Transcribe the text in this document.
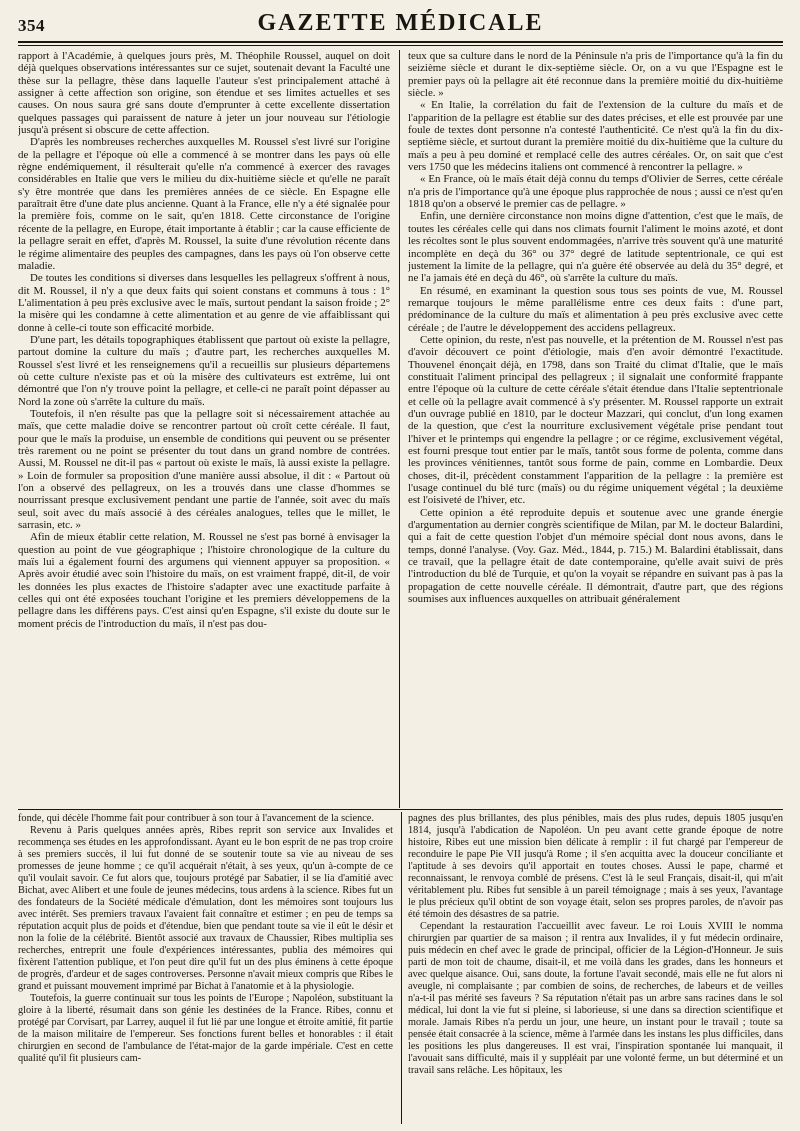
354	GAZETTE MÉDICALE

rapport à l'Académie, à quelques jours près, M. Théophile Roussel, auquel on doit déjà quelques observations intéressantes sur ce sujet, soutenait devant la Faculté une thèse sur la pellagre, thèse dans laquelle l'auteur s'est principalement attaché à assigner à cette affection son origine, son étendue et ses limites actuelles et ses causes. On nous saura gré sans doute d'emprunter à cette excellente dissertation quelques passages qui paraissent de nature à jeter un jour nouveau sur l'étiologie jusqu'à présent si obscure de cette affection.

D'après les nombreuses recherches auxquelles M. Roussel s'est livré sur l'origine de la pellagre et l'époque où elle a commencé à se montrer dans les pays où elle règne endémiquement, il résulterait qu'elle n'a commencé à exercer des ravages considérables en Italie que vers le milieu du dix-huitième siècle et qu'elle ne paraît s'y être montrée que dans les premières années de ce siècle. En Espagne elle paraîtrait être d'une date plus ancienne. Quant à la France, elle n'y a été signalée pour la première fois, comme on le sait, qu'en 1818. Cette circonstance de l'origine récente de la pellagre, en Europe, était importante à établir ; car la cause efficiente de la pellagre serait en effet, d'après M. Roussel, la suite d'une révolution récente dans le régime alimentaire des peuples des campagnes, dans les pays où l'on observe cette maladie.

De toutes les conditions si diverses dans lesquelles les pellagreux s'offrent à nous, dit M. Roussel, il n'y a que deux faits qui soient constans et communs à tous : 1° L'alimentation à peu près exclusive avec le maïs, surtout pendant la saison froide ; 2° la misère qui les condamne à cette alimentation et au genre de vie affaiblissant qui donne à celle-ci toute son efficacité morbide.

D'une part, les détails topographiques établissent que partout où existe la pellagre, partout domine la culture du maïs ; d'autre part, les recherches auxquelles M. Roussel s'est livré et les renseignemens qu'il a recueillis sur plusieurs départemens où cette culture n'existe pas et où la misère des cultivateurs est extrême, lui ont démontré que l'on n'y trouve point la pellagre, et celle-ci ne paraît point dépasser au Nord la zone où s'arrête la culture du maïs.

Toutefois, il n'en résulte pas que la pellagre soit si nécessairement attachée au maïs, que cette maladie doive se rencontrer partout où croît cette céréale. Il faut, pour que le maïs la produise, un ensemble de conditions qui peuvent ou se présenter très rarement ou ne point se présenter du tout dans un grand nombre de contrées. Aussi, M. Roussel ne dit-il pas « partout où existe le maïs, là aussi existe la pellagre. » Loin de formuler sa proposition d'une manière aussi absolue, il dit : « Partout où l'on a observé des pellagreux, on les a trouvés dans une classe d'hommes se nourrissant presque exclusivement pendant une partie de l'année, soit avec du maïs seul, soit avec du maïs associé à des céréales analogues, telles que le millet, le sarrasin, etc. »

Afin de mieux établir cette relation, M. Roussel ne s'est pas borné à envisager la question au point de vue géographique ; l'histoire chronologique de la culture du maïs lui a également fourni des argumens qui viennent appuyer sa proposition. « Après avoir étudié avec soin l'histoire du maïs, on est vraiment frappé, dit-il, de voir les données les plus exactes de l'histoire s'adapter avec une exactitude parfaite à celles qui ont été exposées touchant l'origine et les premiers développemens de la pellagre dans les différens pays. C'est ainsi qu'en Espagne, s'il existe du doute sur le moment précis de l'introduction du maïs, il n'est pas dou-

teux que sa culture dans le nord de la Péninsule n'a pris de l'importance qu'à la fin du seizième siècle et durant le dix-septième siècle. Or, on a vu que l'Espagne est le premier pays où la pellagre ait été reconnue dans la première moitié du dix-huitième siècle. »

« En Italie, la corrélation du fait de l'extension de la culture du maïs et de l'apparition de la pellagre est établie sur des dates précises, et elle est prouvée par une foule de textes dont personne n'a contesté l'authenticité. Ce n'est qu'à la fin du dix-septième siècle, et surtout durant la première moitié du dix-huitième que la culture du maïs a peu à peu dominé et remplacé celle des autres céréales. Or, on sait que c'est vers 1750 que les médecins italiens ont commencé à rencontrer la pellagre. »

« En France, où le maïs était déjà connu du temps d'Olivier de Serres, cette céréale n'a pris de l'importance qu'à une époque plus rapprochée de nous ; aussi ce n'est qu'en 1818 qu'on a observé le premier cas de pellagre. »

Enfin, une dernière circonstance non moins digne d'attention, c'est que le maïs, de toutes les céréales celle qui dans nos climats fournit l'aliment le moins azoté, et dont les récoltes sont le plus souvent endommagées, n'arrive très souvent qu'à une maturité incomplète en deçà du 36° ou 37° degré de latitude septentrionale, ce qui est justement la limite de la pellagre, qui n'a guère été observée au delà du 35° degré, et ne l'a jamais été en deçà du 46°, où s'arrête la culture du maïs.

En résumé, en examinant la question sous tous ses points de vue, M. Roussel remarque toujours le même parallélisme entre ces deux faits : d'une part, prédominance de la culture du maïs et alimentation à peu près exclusive avec cette céréale ; de l'autre le développement des accidens pellagreux.

Cette opinion, du reste, n'est pas nouvelle, et la prétention de M. Roussel n'est pas d'avoir découvert ce point d'étiologie, mais d'en avoir démontré l'exactitude. Thouvenel énonçait déjà, en 1798, dans son Traité du climat d'Italie, que le maïs constituait l'aliment principal des pellagreux ; il signalait une conformité frappante entre l'époque où la culture de cette céréale s'était étendue dans l'Italie septentrionale et celle où la pellagre avait commencé à s'y présenter. M. Roussel rapporte un extrait d'un ouvrage publié en 1810, par le docteur Mazzari, qui conclut, d'un long examen de la question, que c'est la nourriture exclusivement végétale prise pendant tout l'hiver et le printemps qui engendre la pellagre ; or ce régime, exclusivement végétal, est fourni presque tout entier par le maïs, tantôt sous forme de polenta, comme dans les provinces vénitiennes, tantôt sous forme de pain, comme en Lombardie. Deux choses, dit-il, précèdent constamment l'apparition de la pellagre : la première est l'usage continuel du blé turc (maïs) ou du régime uniquement végétal ; la deuxième est l'oisiveté de l'hiver, etc.

Cette opinion a été reproduite depuis et soutenue avec une grande énergie d'argumentation au dernier congrès scientifique de Milan, par M. le docteur Balardini, qui a fait de cette question l'objet d'un mémoire spécial dont nous avons, dans le temps, donné l'analyse. (Voy. Gaz. Méd., 1844, p. 715.) M. Balardini établissait, dans ce travail, que la pellagre était de date contemporaine, qu'elle avait suivi de près l'introduction du blé de Turquie, et qu'on la voyait se répandre en suivant pas à pas la propagation de cette nouvelle céréale. Il démontrait, d'autre part, que des régions soumises aux influences auxquelles on attribuait généralement

fonde, qui décèle l'homme fait pour contribuer à son tour à l'avancement de la science.

Revenu à Paris quelques années après, Ribes reprit son service aux Invalides et recommença ses études en les approfondissant. Ayant eu le bon esprit de ne pas trop croire à ses premiers succès, il lui fut donné de se soutenir toute sa vie au niveau de ses promesses de jeune homme ; ce qu'il acquérait n'était, à ses yeux, qu'un à-compte de ce qu'il voulait savoir. Ce fut alors que, toujours protégé par Sabatier, il se lia d'amitié avec Bichat, avec Alibert et une foule de jeunes médecins, tous ardens à la science. Ribes fut un des fondateurs de la Société médicale d'émulation, dont les mémoires sont toujours lus avec intérêt. Ses premiers travaux l'avaient fait connaître et estimer ; en peu de temps sa réputation acquit plus de poids et d'étendue, bien que pendant toute sa vie il eût le désir et non la folie de la célébrité. Bientôt associé aux travaux de Chaussier, Ribes multiplia ses recherches, entreprit une foule d'expériences intéressantes, publia des mémoires qui fixèrent l'attention publique, et l'on peut dire qu'il fut un des plus éminens à cette époque de progrès, d'ardeur et de sages controverses. Personne n'avait mieux compris que Ribes le grand et puissant mouvement imprimé par Bichat à l'anatomie et à la physiologie.

Toutefois, la guerre continuait sur tous les points de l'Europe ; Napoléon, substituant la gloire à la liberté, résumait dans son génie les destinées de la France. Ribes, connu et protégé par Corvisart, par Larrey, auquel il fut lié par une longue et étroite amitié, fit partie de la maison militaire de l'empereur. Ses fonctions furent belles et honorables : il était chirurgien en second de l'ambulance de l'état-major de la garde impériale. C'est en cette qualité qu'il fit plusieurs cam-

pagnes des plus brillantes, des plus pénibles, mais des plus rudes, depuis 1805 jusqu'en 1814, jusqu'à l'abdication de Napoléon. Un peu avant cette grande époque de notre histoire, Ribes eut une mission bien délicate à remplir : il fut chargé par l'empereur de reconduire le pape Pie VII jusqu'à Rome ; il s'en acquitta avec la douceur conciliante et l'aptitude à ses devoirs qu'il apportait en toutes choses. Aussi le pape, charmé et reconnaissant, le renvoya comblé de présens. C'est là le seul Français, disait-il, qui m'ait véritablement plu. Ribes fut sensible à un pareil témoignage ; mais à ses yeux, l'avantage le plus précieux qu'il obtint de son voyage était, selon ses propres paroles, de n'avoir pas été témoin des désastres de sa patrie.

Cependant la restauration l'accueillit avec faveur. Le roi Louis XVIII le nomma chirurgien par quartier de sa maison ; il rentra aux Invalides, il y fut médecin ordinaire, puis médecin en chef avec le grade de principal, officier de la Légion-d'Honneur. Je suis parti de mon toit de chaume, disait-il, et me voilà dans les grades, dans les honneurs et avec quelque aisance. Oui, sans doute, la fortune l'avait secondé, mais elle ne fut alors ni aveugle, ni complaisante ; par combien de soins, de recherches, de labeurs et de veilles n'a-t-il pas mérité ses faveurs ? Sa réputation n'était pas un arbre sans racines dans le sol médical, lui dont la vie fut si pleine, si laborieuse, si une dans sa direction scientifique et morale. Jamais Ribes n'a perdu un jour, une heure, un instant pour le travail ; toute sa pensée était consacrée à la science, même à l'armée dans les instans les plus difficiles, dans les positions les plus dangereuses. Il est vrai, l'inspiration spontanée lui manquait, il l'avouait sans difficulté, mais il y suppléait par une volonté ferme, un but déterminé et un travail sans relâche. Les hôpitaux, les
